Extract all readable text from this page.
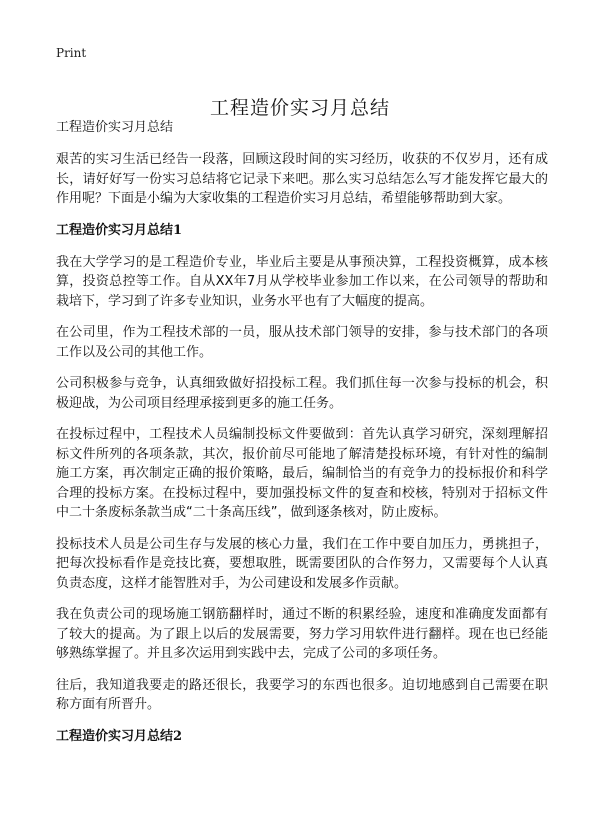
Print
工程造价实习月总结
工程造价实习月总结

艰苦的实习生活已经告一段落，回顾这段时间的实习经历，收获的不仅岁月，还有成长，请好好写一份实习总结将它记录下来吧。那么实习总结怎么写才能发挥它最大的作用呢？下面是小编为大家收集的工程造价实习月总结，希望能够帮助到大家。

工程造价实习月总结1

我在大学学习的是工程造价专业，毕业后主要是从事预决算，工程投资概算，成本核算，投资总控等工作。自从XX年7月从学校毕业参加工作以来，在公司领导的帮助和栽培下，学习到了许多专业知识，业务水平也有了大幅度的提高。

在公司里，作为工程技术部的一员，服从技术部门领导的安排，参与技术部门的各项工作以及公司的其他工作。

公司积极参与竞争，认真细致做好招投标工程。我们抓住每一次参与投标的机会，积极迎战，为公司项目经理承接到更多的施工任务。

在投标过程中，工程技术人员编制投标文件要做到：首先认真学习研究，深刻理解招标文件所列的各项条款，其次，报价前尽可能地了解清楚投标环境，有针对性的编制施工方案，再次制定正确的报价策略，最后，编制恰当的有竞争力的投标报价和科学合理的投标方案。在投标过程中，要加强投标文件的复查和校核，特别对于招标文件中二十条废标条款当成“二十条高压线”，做到逐条核对，防止废标。

投标技术人员是公司生存与发展的核心力量，我们在工作中要自加压力，勇挑担子，把每次投标看作是竞技比赛，要想取胜，既需要团队的合作努力，又需要每个人认真负责态度，这样才能智胜对手，为公司建设和发展多作贡献。

我在负责公司的现场施工钢筋翻样时，通过不断的积累经验，速度和准确度发面都有了较大的提高。为了跟上以后的发展需要，努力学习用软件进行翻样。现在也已经能够熟练掌握了。并且多次运用到实践中去，完成了公司的多项任务。

往后，我知道我要走的路还很长，我要学习的东西也很多。迫切地感到自己需要在职称方面有所晋升。

工程造价实习月总结2
